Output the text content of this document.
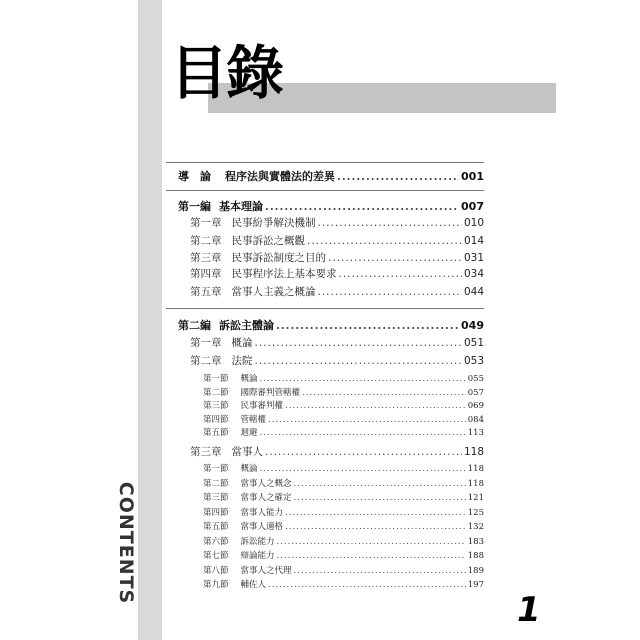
CONTENTS
目錄
導　論 程序法與實體法的差異 .....	001
第一編 基本理論 .....	007
第一章 民事紛爭解決機制 .....	010
第二章 民事訴訟之概觀 .....	014
第三章 民事訴訟制度之目的 .....	031
第四章 民事程序法上基本要求 .....	034
第五章 當事人主義之概論 .....	044
第二編 訴訟主體論 .....	049
第一章 概論 .....	051
第二章 法院 .....	053
第一節 概論 .....	055
第二節 國際審判管轄權 .....	057
第三節 民事審判權 .....	069
第四節 管轄權 .....	084
第五節 迴避 .....	113
第三章 當事人 .....	118
第一節 概論 .....	118
第二節 當事人之概念 .....	118
第三節 當事人之確定 .....	121
第四節 當事人能力 .....	125
第五節 當事人適格 .....	132
第六節 訴訟能力 .....	183
第七節 辯論能力 .....	188
第八節 當事人之代理 .....	189
第九節 輔佐人 .....	197
1
